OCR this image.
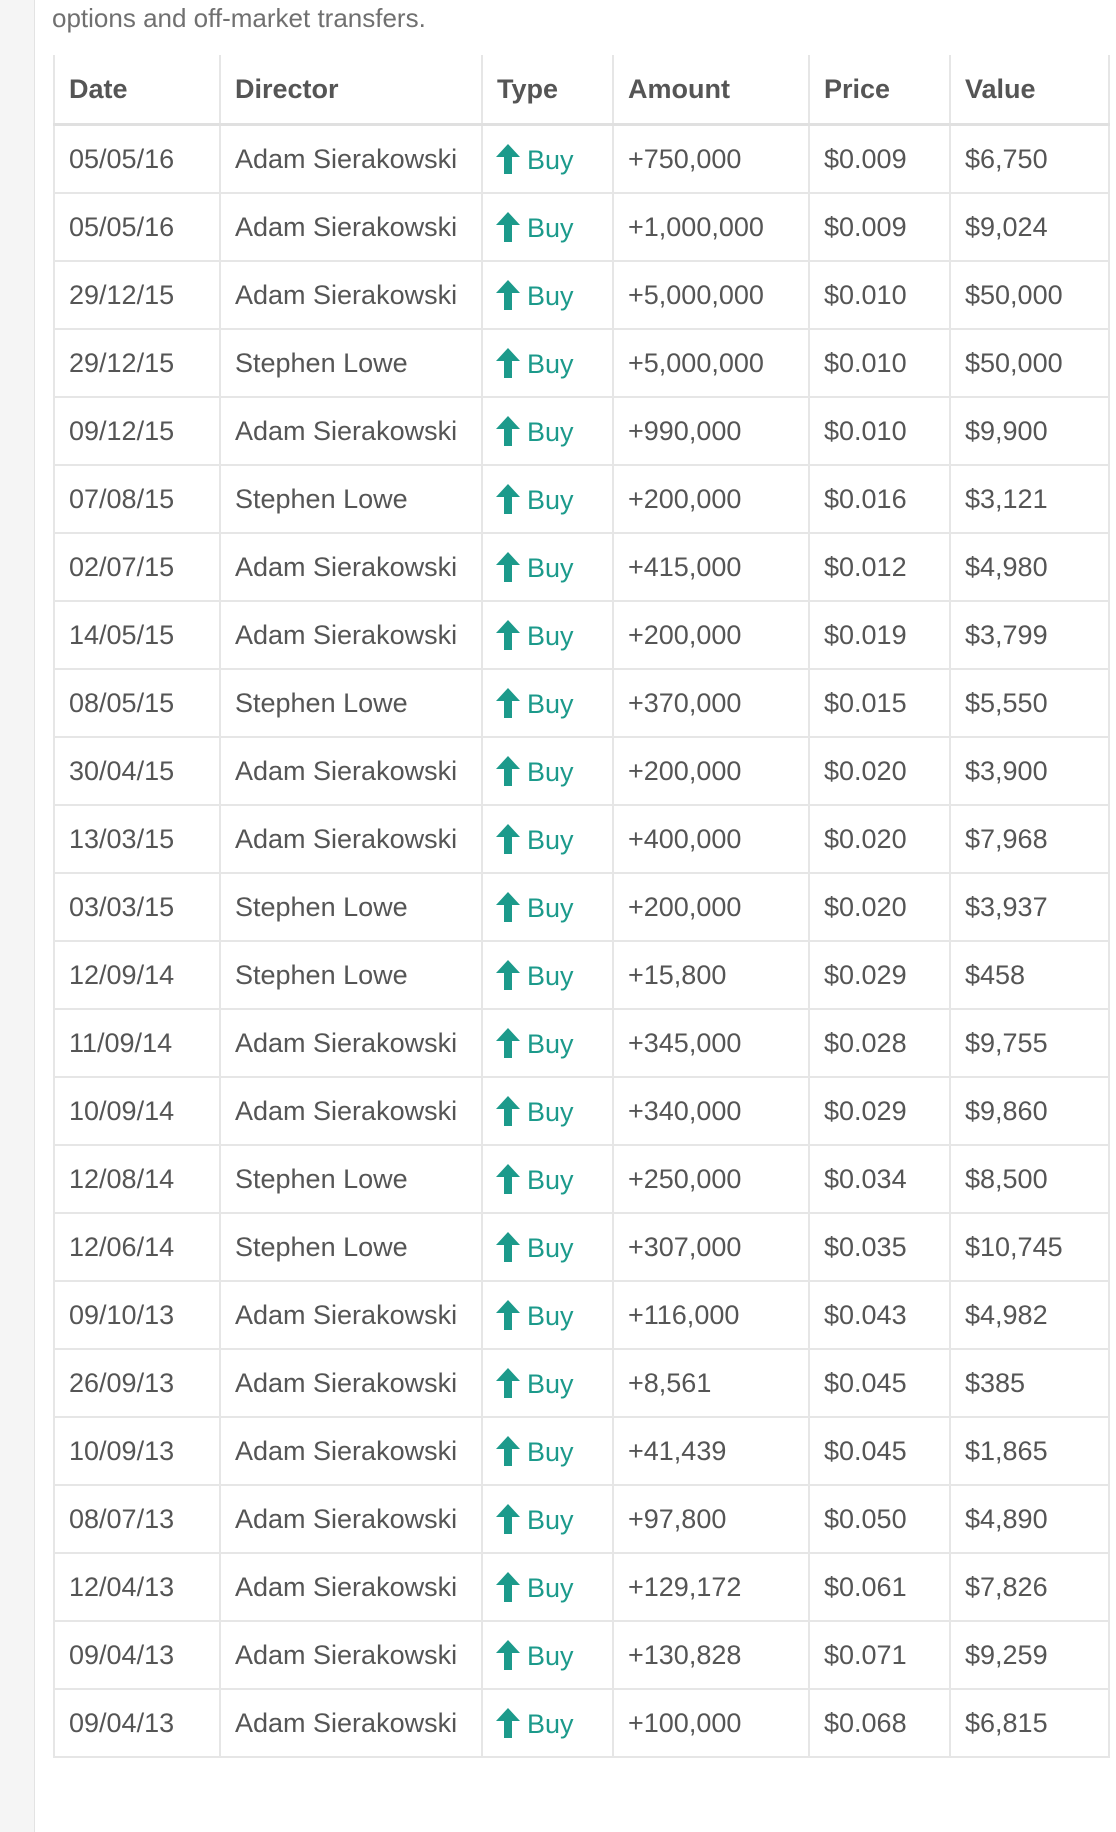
options and off-market transfers.
Date	Director	Type	Amount	Price	Value
05/05/16	Adam Sierakowski	Buy	+750,000	$0.009	$6,750
05/05/16	Adam Sierakowski	Buy	+1,000,000	$0.009	$9,024
29/12/15	Adam Sierakowski	Buy	+5,000,000	$0.010	$50,000
29/12/15	Stephen Lowe	Buy	+5,000,000	$0.010	$50,000
09/12/15	Adam Sierakowski	Buy	+990,000	$0.010	$9,900
07/08/15	Stephen Lowe	Buy	+200,000	$0.016	$3,121
02/07/15	Adam Sierakowski	Buy	+415,000	$0.012	$4,980
14/05/15	Adam Sierakowski	Buy	+200,000	$0.019	$3,799
08/05/15	Stephen Lowe	Buy	+370,000	$0.015	$5,550
30/04/15	Adam Sierakowski	Buy	+200,000	$0.020	$3,900
13/03/15	Adam Sierakowski	Buy	+400,000	$0.020	$7,968
03/03/15	Stephen Lowe	Buy	+200,000	$0.020	$3,937
12/09/14	Stephen Lowe	Buy	+15,800	$0.029	$458
11/09/14	Adam Sierakowski	Buy	+345,000	$0.028	$9,755
10/09/14	Adam Sierakowski	Buy	+340,000	$0.029	$9,860
12/08/14	Stephen Lowe	Buy	+250,000	$0.034	$8,500
12/06/14	Stephen Lowe	Buy	+307,000	$0.035	$10,745
09/10/13	Adam Sierakowski	Buy	+116,000	$0.043	$4,982
26/09/13	Adam Sierakowski	Buy	+8,561	$0.045	$385
10/09/13	Adam Sierakowski	Buy	+41,439	$0.045	$1,865
08/07/13	Adam Sierakowski	Buy	+97,800	$0.050	$4,890
12/04/13	Adam Sierakowski	Buy	+129,172	$0.061	$7,826
09/04/13	Adam Sierakowski	Buy	+130,828	$0.071	$9,259
09/04/13	Adam Sierakowski	Buy	+100,000	$0.068	$6,815
